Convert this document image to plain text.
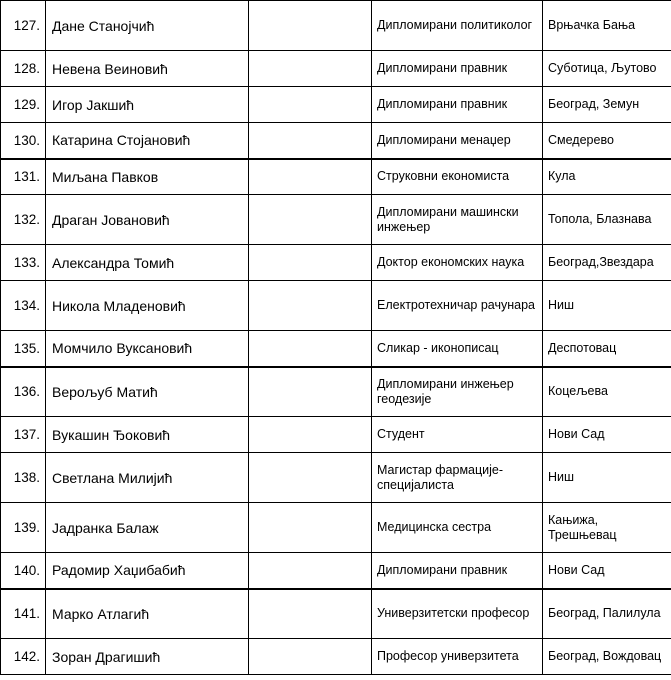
127.	Дане Станојчић		Дипломирани политиколог	Врњачка Бања
128.	Невена Веиновић		Дипломирани правник	Суботица, Љутово
129.	Игор Јакшић		Дипломирани правник	Београд, Земун
130.	Катарина Стојановић		Дипломирани менаџер	Смедерево
131.	Миљана Павков		Струковни економиста	Кула
132.	Драган Јовановић		Дипломирани машински инжењер	Топола, Блазнава
133.	Александра Томић		Доктор економских наука	Београд,Звездара
134.	Никола Младеновић		Електротехничар рачунара	Ниш
135.	Момчило Вуксановић		Сликар - иконописац	Деспотовац
136.	Верољуб Матић		Дипломирани инжењер геодезије	Коцељева
137.	Вукашин Ђоковић		Студент	Нови Сад
138.	Светлана Милијић		Магистар фармације-специјалиста	Ниш
139.	Јадранка Балаж		Медицинска сестра	Кањижа, Трешњевац
140.	Радомир Хаџибабић		Дипломирани правник	Нови Сад
141.	Марко Атлагић		Универзитетски професор	Београд, Палилула
142.	Зоран Драгишић		Професор универзитета	Београд, Вождовац
